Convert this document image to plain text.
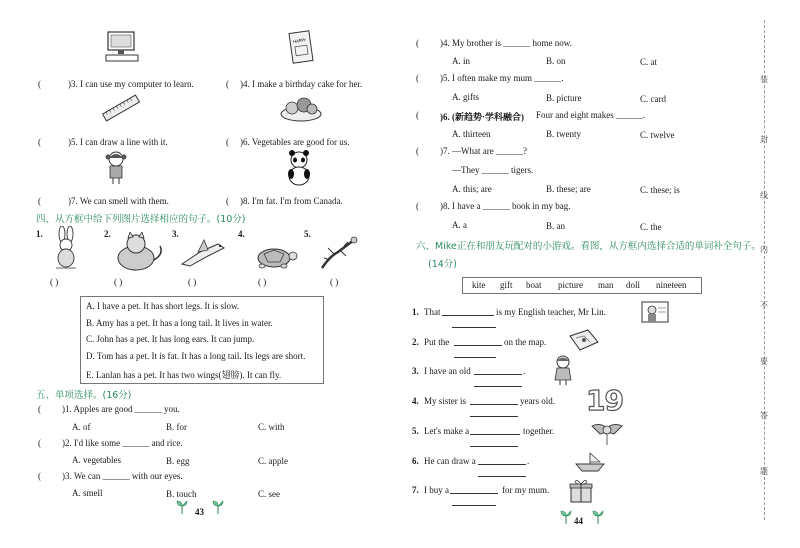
HAPPY
(	)3. I can use my computer to learn.	( )4. I make a birthday cake for her.
(	)5. I can draw a line with it.	( )6. Vegetables are good for us.
(	)7. We can smell with them.	( )8. I'm fat. I'm from Canada.
四、从方框中给下列图片选择相应的句子。(10分)
1.	2.	3.	4.	5.
( )	( )	( )	( )	( )
A. I have a pet. It has short legs. It is slow.
B. Amy has a pet. It has a long tail. It lives in water.
C. John has a pet. It has long ears. It can jump.
D. Tom has a pet. It is fat. It has a long tail. Its legs are short.
E. Lanlan has a pet. It has two wings(翅膀). It can fly.
五、单项选择。(16分)
( )1. Apples are good ______ you.
A. of	B. for	C. with
( )2. I'd like some ______ and rice.
A. vegetables	B. egg	C. apple
( )3. We can ______ with our eyes.
A. smell	B. touch	C. see
43
( )4. My brother is ______ home now.
A. in	B. on	C. at
( )5. I often make my mum ______.
A. gifts	B. picture	C. card
( )6. (新趋势·学科融合) Four and eight makes ______.
A. thirteen	B. twenty	C. twelve
( )7. —What are ______?
—They ______ tigers.
A. this; are	B. these; are	C. these; is
( )8. I have a ______ book in my bag.
A. a	B. an	C. the
六、Mike正在和朋友玩配对的小游戏。看图，从方框内选择合适的单词补全句子。
(14分)
kite gift boat picture man doll nineteen
1. That	is my English teacher, Mr Lin.
2. Put the	on the map.
3. I have an old	.
4. My sister is	years old. 19
5. Let's make a	together.
6. He can draw a	.
7. I buy a	for my mum.
44
装
封
线
内
不
要
答
题
